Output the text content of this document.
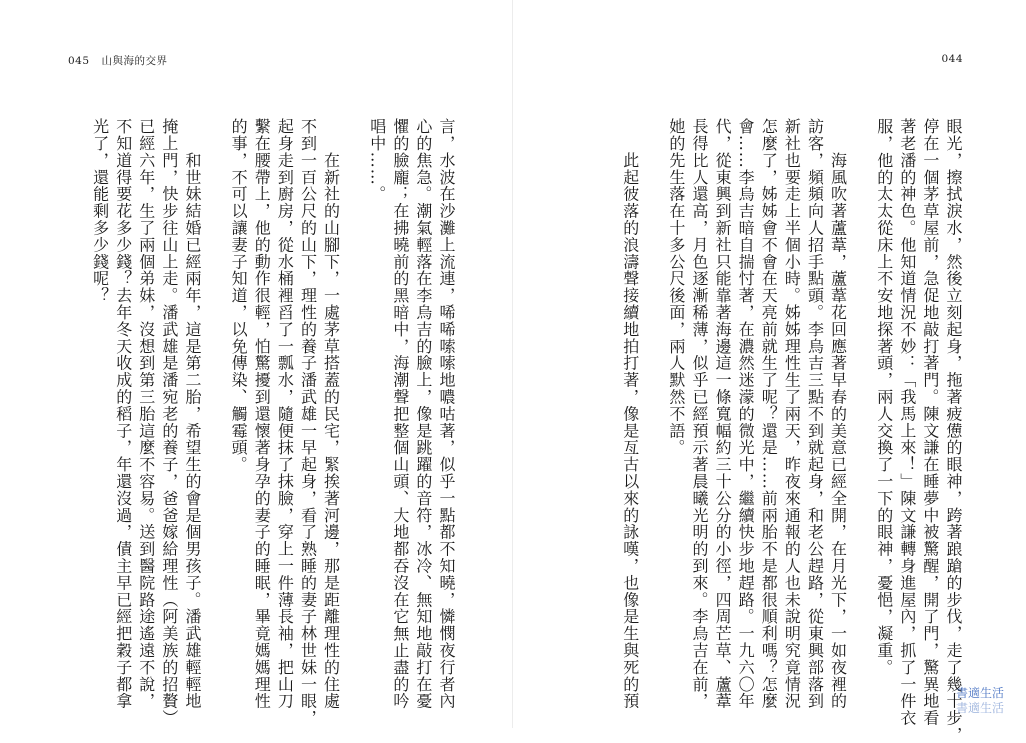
045 山與海的交界
言，水波在沙灘上流連，唏唏嗦嗦地噥咕著，似乎一點都不知曉，憐憫夜行者內
心的焦急。潮氣輕落在李烏吉的臉上，像是跳躍的音符，冰冷、無知地敲打在憂
懼的臉龐；在拂曉前的黑暗中，海潮聲把整個山頭、大地都吞沒在它無止盡的吟
唱中……。

　　在新社的山腳下，一處茅草搭蓋的民宅，緊挨著河邊，那是距離理性的住處
不到一百公尺的山下，理性的養子潘武雄一早起身，看了熟睡的妻子林世妹一眼，
起身走到廚房，從水桶裡舀了一瓢水，隨便抹了抹臉，穿上一件薄長袖，把山刀
繫在腰帶上，他的動作很輕，怕驚擾到還懷著身孕的妻子的睡眠，畢竟媽媽理性
的事，不可以讓妻子知道，以免傳染、觸霉頭。

　　和世妹結婚已經兩年，這是第二胎，希望生的會是個男孩子。潘武雄輕輕地
掩上門，快步往山上走。潘武雄是潘宛老的養子，爸爸嫁給理性（阿美族的招贅）
已經六年，生了兩個弟妹，沒想到第三胎這麼不容易。送到醫院路途遙遠不說，
不知道得要花多少錢？去年冬天收成的稻子，年還沒過，債主早已經把穀子都拿
光了，還能剩多少錢呢？
044
眼光，擦拭淚水，然後立刻起身，拖著疲憊的眼神，跨著踉蹌的步伐，走了幾十步，
停在一個茅草屋前，急促地敲打著門。陳文謙在睡夢中被驚醒，開了門，驚異地看
著老潘的神色。他知道情況不妙：「我馬上來！」陳文謙轉身進屋內，抓了一件衣
服，他的太太從床上不安地探著頭，兩人交換了一下的眼神，憂悒，凝重。

　　海風吹著蘆葦，蘆葦花回應著早春的美意已經全開，在月光下，一如夜裡的
訪客，頻頻向人招手點頭。李烏吉三點不到就起身，和老公趕路，從東興部落到
新社也要走上半個小時。姊姊理性生了兩天，昨夜來通報的人也未說明究竟情況
怎麼了，姊姊會不會在天亮前就生了呢？還是……前兩胎不是都很順利嗎？怎麼
會……李烏吉暗自揣忖著，在濃然迷濛的微光中，繼續快步地趕路。一九六〇年
代，從東興到新社只能靠著海邊這一條寬幅約三十公分的小徑，四周芒草、蘆葦
長得比人還高，月色逐漸稀薄，似乎已經預示著晨曦光明的到來。李烏吉在前，
她的先生落在十多公尺後面，兩人默然不語。

　　此起彼落的浪濤聲接續地拍打著，像是亙古以來的詠嘆，也像是生與死的預	書適生活
書適生活
